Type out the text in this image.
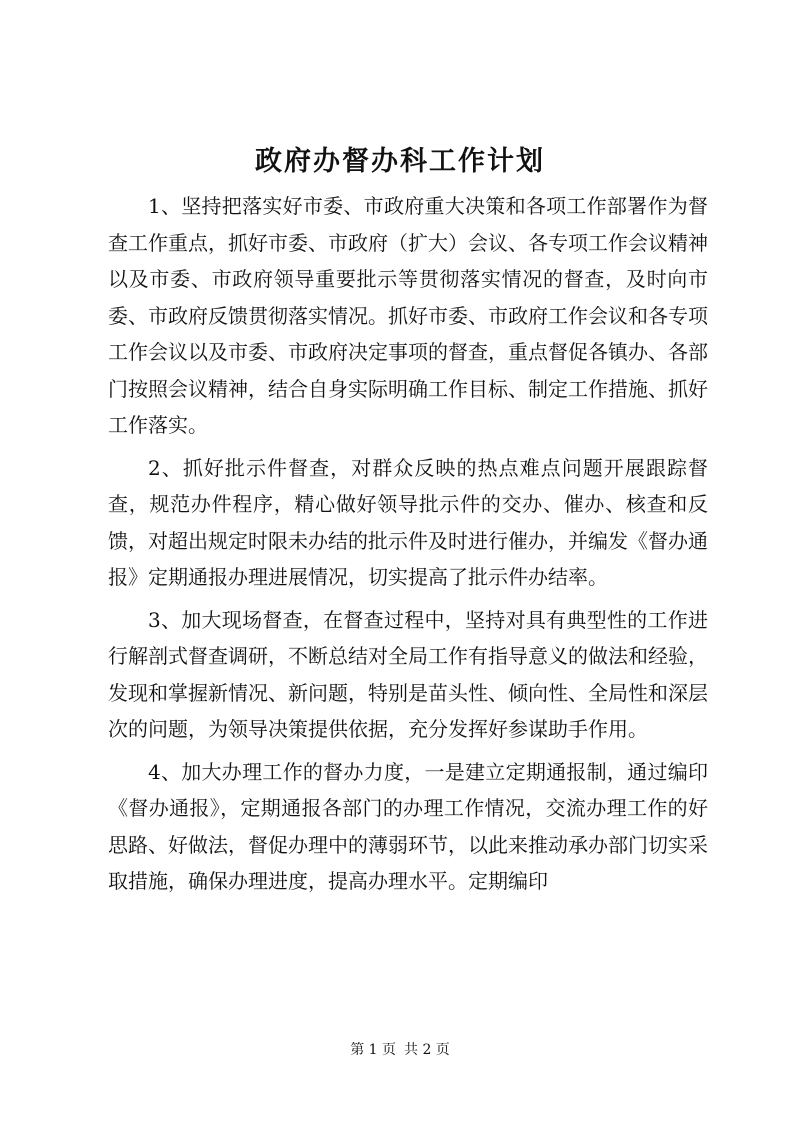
政府办督办科工作计划

1、坚持把落实好市委、市政府重大决策和各项工作部署作为督查工作重点，抓好市委、市政府（扩大）会议、各专项工作会议精神以及市委、市政府领导重要批示等贯彻落实情况的督查，及时向市委、市政府反馈贯彻落实情况。抓好市委、市政府工作会议和各专项工作会议以及市委、市政府决定事项的督查，重点督促各镇办、各部门按照会议精神，结合自身实际明确工作目标、制定工作措施、抓好工作落实。

2、抓好批示件督查，对群众反映的热点难点问题开展跟踪督查，规范办件程序，精心做好领导批示件的交办、催办、核查和反馈，对超出规定时限未办结的批示件及时进行催办，并编发《督办通报》定期通报办理进展情况，切实提高了批示件办结率。

3、加大现场督查，在督查过程中，坚持对具有典型性的工作进行解剖式督查调研，不断总结对全局工作有指导意义的做法和经验，发现和掌握新情况、新问题，特别是苗头性、倾向性、全局性和深层次的问题，为领导决策提供依据，充分发挥好参谋助手作用。

4、加大办理工作的督办力度，一是建立定期通报制，通过编印《督办通报》，定期通报各部门的办理工作情况，交流办理工作的好思路、好做法，督促办理中的薄弱环节，以此来推动承办部门切实采取措施，确保办理进度，提高办理水平。定期编印

第 1 页 共 2 页
